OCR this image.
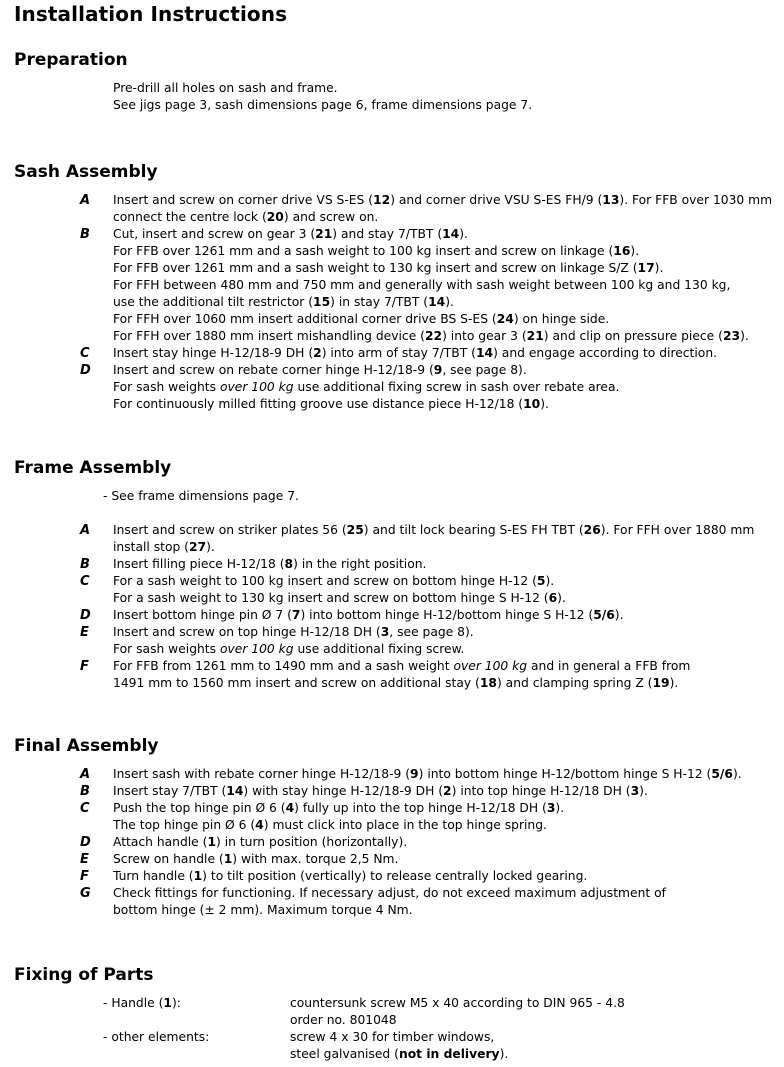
Installation Instructions
Preparation
Pre-drill all holes on sash and frame.
See jigs page 3, sash dimensions page 6, frame dimensions page 7.
Sash Assembly
A Insert and screw on corner drive VS S-ES (12) and corner drive VSU S-ES FH/9 (13). For FFB over 1030 mm
connect the centre lock (20) and screw on.
B Cut, insert and screw on gear 3 (21) and stay 7/TBT (14).
For FFB over 1261 mm and a sash weight to 100 kg insert and screw on linkage (16).
For FFB over 1261 mm and a sash weight to 130 kg insert and screw on linkage S/Z (17).
For FFH between 480 mm and 750 mm and generally with sash weight between 100 kg and 130 kg,
use the additional tilt restrictor (15) in stay 7/TBT (14).
For FFH over 1060 mm insert additional corner drive BS S-ES (24) on hinge side.
For FFH over 1880 mm insert mishandling device (22) into gear 3 (21) and clip on pressure piece (23).
C Insert stay hinge H-12/18-9 DH (2) into arm of stay 7/TBT (14) and engage according to direction.
D Insert and screw on rebate corner hinge H-12/18-9 (9, see page 8).
For sash weights over 100 kg use additional fixing screw in sash over rebate area.
For continuously milled fitting groove use distance piece H-12/18 (10).
Frame Assembly
- See frame dimensions page 7.
A Insert and screw on striker plates 56 (25) and tilt lock bearing S-ES FH TBT (26). For FFH over 1880 mm
install stop (27).
B Insert filling piece H-12/18 (8) in the right position.
C For a sash weight to 100 kg insert and screw on bottom hinge H-12 (5).
For a sash weight to 130 kg insert and screw on bottom hinge S H-12 (6).
D Insert bottom hinge pin Ø 7 (7) into bottom hinge H-12/bottom hinge S H-12 (5/6).
E Insert and screw on top hinge H-12/18 DH (3, see page 8).
For sash weights over 100 kg use additional fixing screw.
F For FFB from 1261 mm to 1490 mm and a sash weight over 100 kg and in general a FFB from
1491 mm to 1560 mm insert and screw on additional stay (18) and clamping spring Z (19).
Final Assembly
A Insert sash with rebate corner hinge H-12/18-9 (9) into bottom hinge H-12/bottom hinge S H-12 (5/6).
B Insert stay 7/TBT (14) with stay hinge H-12/18-9 DH (2) into top hinge H-12/18 DH (3).
C Push the top hinge pin Ø 6 (4) fully up into the top hinge H-12/18 DH (3).
The top hinge pin Ø 6 (4) must click into place in the top hinge spring.
D Attach handle (1) in turn position (horizontally).
E Screw on handle (1) with max. torque 2,5 Nm.
F Turn handle (1) to tilt position (vertically) to release centrally locked gearing.
G Check fittings for functioning. If necessary adjust, do not exceed maximum adjustment of
bottom hinge (± 2 mm). Maximum torque 4 Nm.
Fixing of Parts
- Handle (1):	countersunk screw M5 x 40 according to DIN 965 - 4.8
order no. 801048
- other elements:	screw 4 x 30 for timber windows,
steel galvanised (not in delivery).
